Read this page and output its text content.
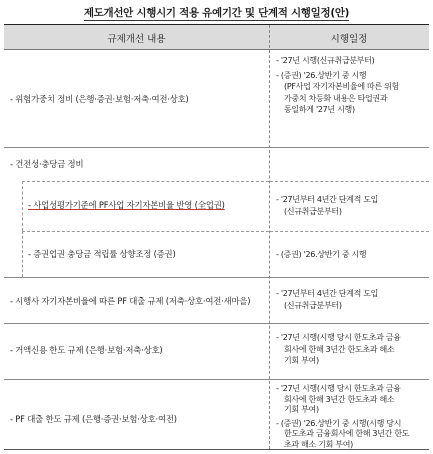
제도개선안 시행시기 적용 유예기간 및 단계적 시행일정(안)
규제개선 내용	시행일정
- 위험가중치 정비 (은행·증권·보험·저축·여전·상호)
- '27년 시행(신규취급분부터)
- (증권) '26.상반기 중 시행
(PF사업 자기자본비율에 따른 위험
가중치 차등화 내용은 타업권과
동일하게 '27년 시행)
- 건전성·충당금 정비
- 사업성평가기준에 PF사업 자기자본비율 반영 (全업권)
- '27년부터 4년간 단계적 도입
(신규취급분부터)
- 증권업권 충당금 적립률 상향조정 (증권)	- (증권) '26.상반기 중 시행
- 시행사 자기자본비율에 따른 PF 대출 규제 (저축·상호·여전·새마을)
- '27년부터 4년간 단계적 도입
(신규취급분부터)
- 거액신용 한도 규제 (은행·보험·저축·상호)
- '27년 시행(시행 당시 한도초과 금융
회사에 한해 3년간 한도초과 해소
기회 부여)
- PF 대출 한도 규제 (은행·증권·보험·상호·여전)
- '27년 시행(시행 당시 한도초과 금융
회사에 한해 3년간 한도초과 해소
기회 부여)
- (증권) '26.상반기 중 시행(시행 당시
한도초과 금융회사에 한해 3년간 한도
초과 해소 기회 부여)
